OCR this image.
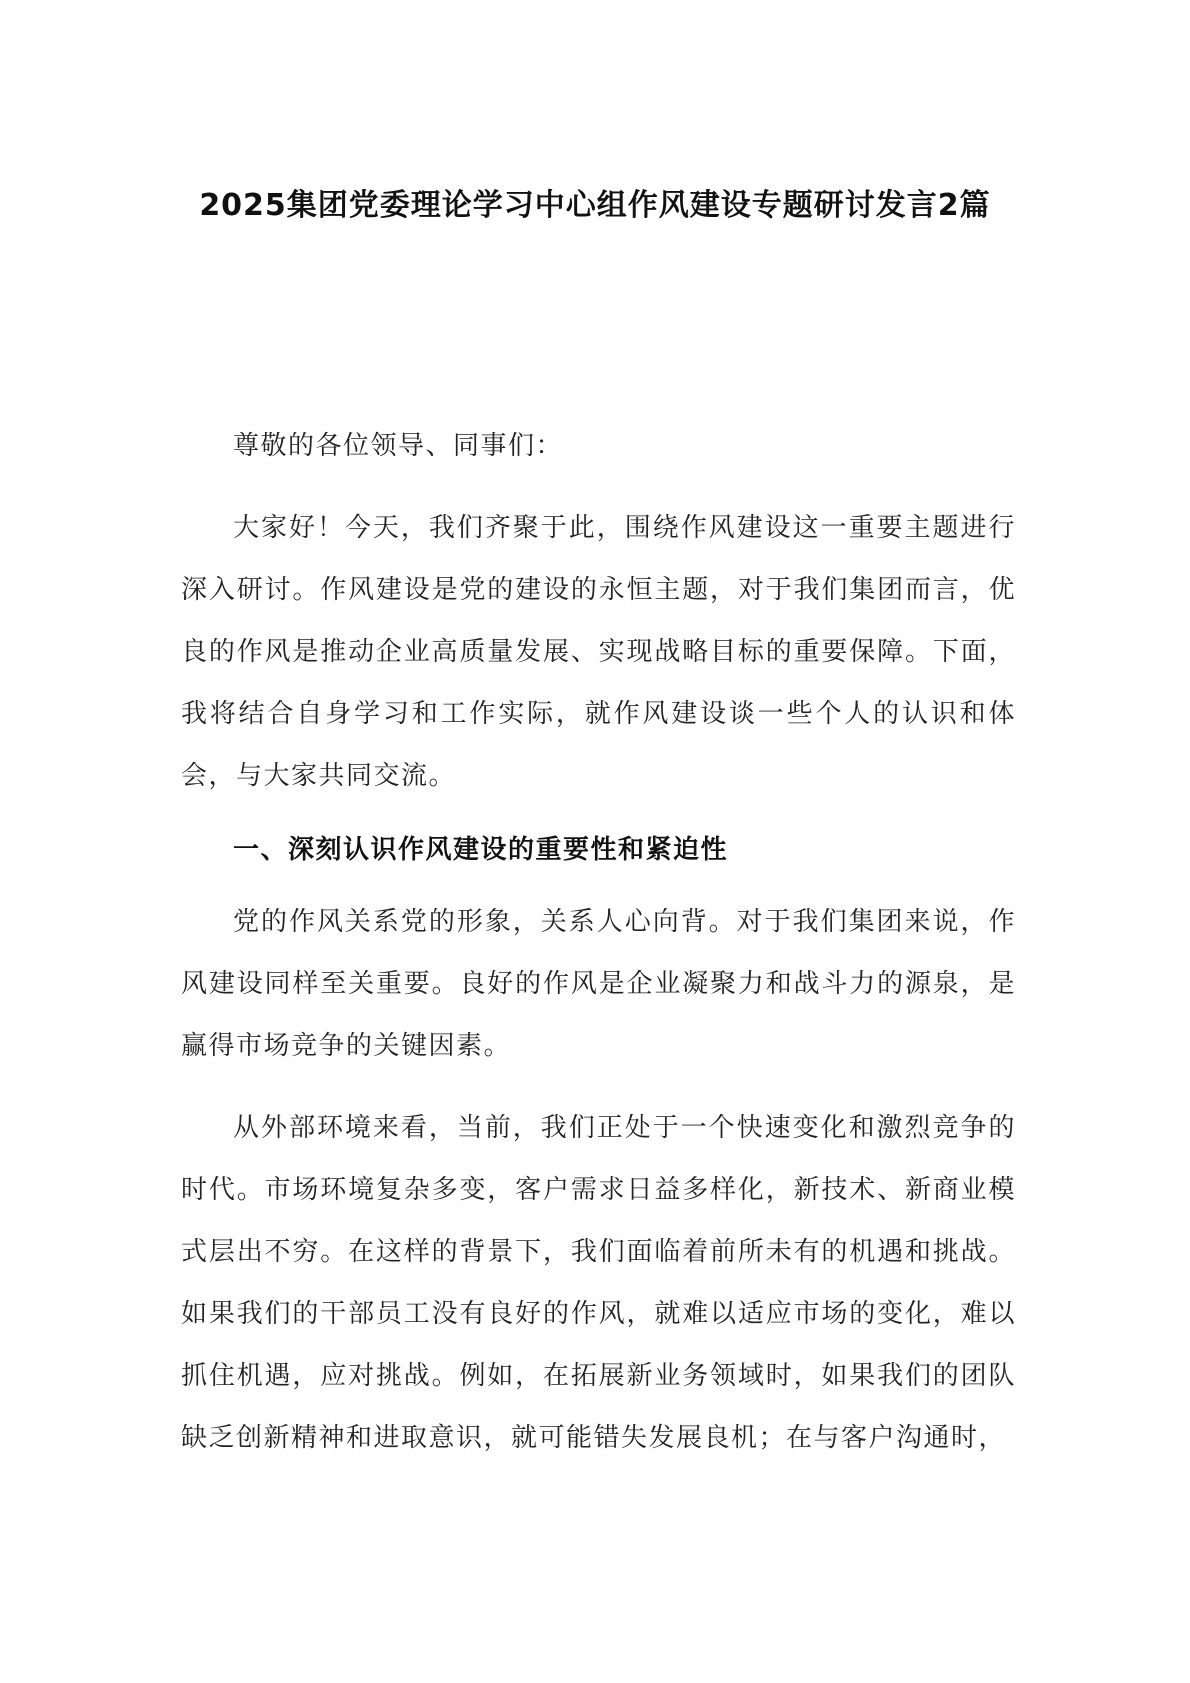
2025集团党委理论学习中心组作风建设专题研讨发言2篇

尊敬的各位领导、同事们：

大家好！今天，我们齐聚于此，围绕作风建设这一重要主题进行深入研讨。作风建设是党的建设的永恒主题，对于我们集团而言，优良的作风是推动企业高质量发展、实现战略目标的重要保障。下面，我将结合自身学习和工作实际，就作风建设谈一些个人的认识和体会，与大家共同交流。

一、深刻认识作风建设的重要性和紧迫性

党的作风关系党的形象，关系人心向背。对于我们集团来说，作风建设同样至关重要。良好的作风是企业凝聚力和战斗力的源泉，是赢得市场竞争的关键因素。

从外部环境来看，当前，我们正处于一个快速变化和激烈竞争的时代。市场环境复杂多变，客户需求日益多样化，新技术、新商业模式层出不穷。在这样的背景下，我们面临着前所未有的机遇和挑战。如果我们的干部员工没有良好的作风，就难以适应市场的变化，难以抓住机遇，应对挑战。例如，在拓展新业务领域时，如果我们的团队缺乏创新精神和进取意识，就可能错失发展良机；在与客户沟通时，
